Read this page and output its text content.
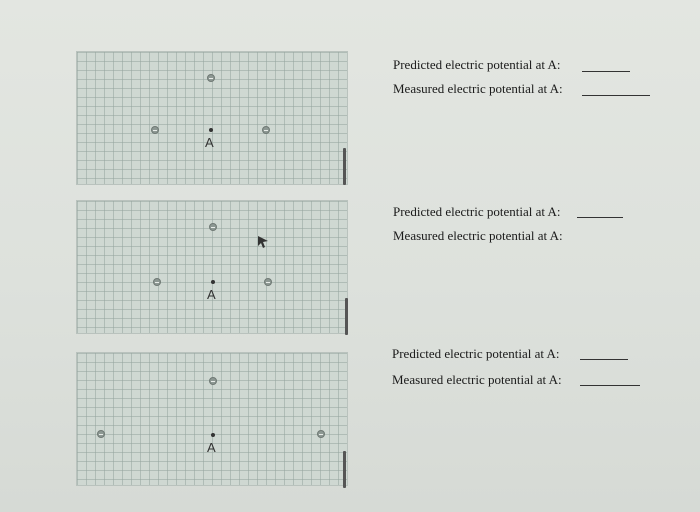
A
A
A
Predicted electric potential at A:
Measured electric potential at A:
Predicted electric potential at A:
Measured electric potential at A:
Predicted electric potential at A:
Measured electric potential at A:
